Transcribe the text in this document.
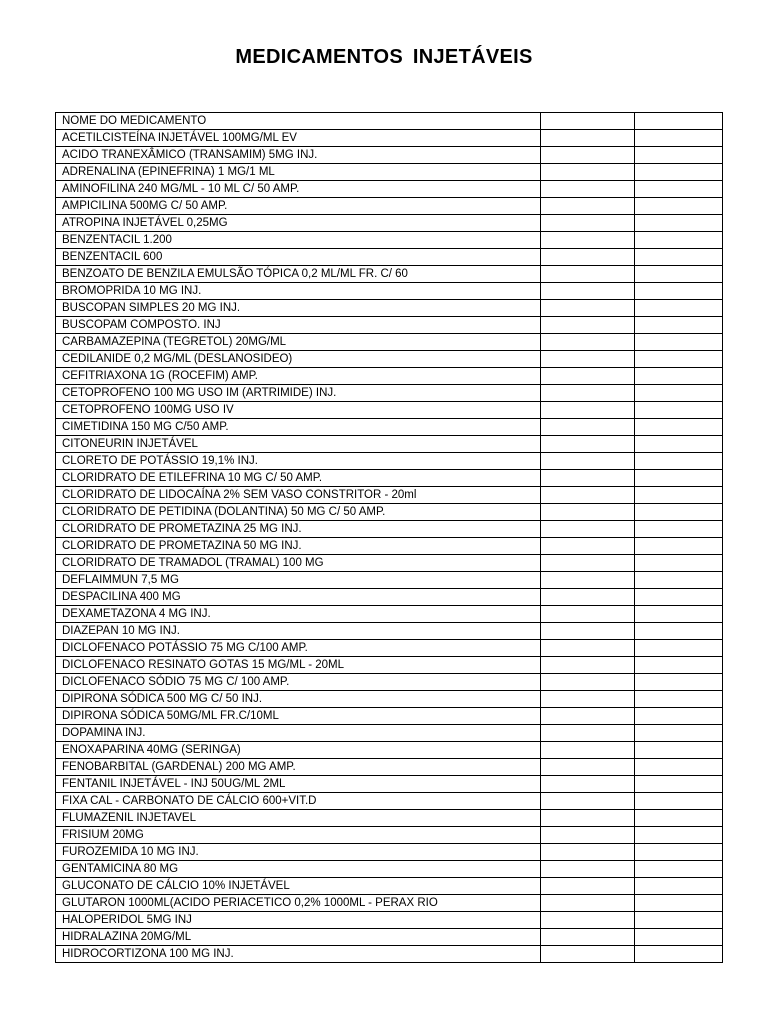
MEDICAMENTOS INJETÁVEIS
NOME DO MEDICAMENTO		
ACETILCISTEÍNA INJETÁVEL 100MG/ML EV		
ACIDO TRANEXÂMICO (TRANSAMIM) 5MG INJ.		
ADRENALINA (EPINEFRINA) 1 MG/1 ML		
AMINOFILINA 240 MG/ML - 10 ML C/ 50 AMP.		
AMPICILINA 500MG C/ 50 AMP.		
ATROPINA INJETÁVEL 0,25MG		
BENZENTACIL 1.200		
BENZENTACIL 600		
BENZOATO DE BENZILA EMULSÃO TÓPICA 0,2 ML/ML FR. C/ 60		
BROMOPRIDA 10 MG INJ.		
BUSCOPAN SIMPLES 20 MG INJ.		
BUSCOPAM COMPOSTO. INJ		
CARBAMAZEPINA (TEGRETOL) 20MG/ML		
CEDILANIDE 0,2 MG/ML (DESLANOSIDEO)		
CEFITRIAXONA 1G (ROCEFIM) AMP.		
CETOPROFENO 100 MG USO IM (ARTRIMIDE) INJ.		
CETOPROFENO 100MG USO IV		
CIMETIDINA 150 MG C/50 AMP.		
CITONEURIN INJETÁVEL		
CLORETO DE POTÁSSIO 19,1% INJ.		
CLORIDRATO DE ETILEFRINA 10 MG C/ 50 AMP.		
CLORIDRATO DE LIDOCAÍNA 2% SEM VASO CONSTRITOR - 20ml		
CLORIDRATO DE PETIDINA (DOLANTINA) 50 MG C/ 50 AMP.		
CLORIDRATO DE PROMETAZINA 25 MG INJ.		
CLORIDRATO DE PROMETAZINA 50 MG INJ.		
CLORIDRATO DE TRAMADOL (TRAMAL) 100 MG		
DEFLAIMMUN 7,5 MG		
DESPACILINA 400 MG		
DEXAMETAZONA 4 MG INJ.		
DIAZEPAN 10 MG INJ.		
DICLOFENACO POTÁSSIO 75 MG C/100 AMP.		
DICLOFENACO RESINATO GOTAS 15 MG/ML - 20ML		
DICLOFENACO SÓDIO 75 MG C/ 100 AMP.		
DIPIRONA SÓDICA 500 MG C/ 50 INJ.		
DIPIRONA SÓDICA 50MG/ML FR.C/10ML		
DOPAMINA INJ.		
ENOXAPARINA 40MG (SERINGA)		
FENOBARBITAL (GARDENAL) 200 MG AMP.		
FENTANIL INJETÁVEL - INJ 50UG/ML 2ML		
FIXA CAL - CARBONATO DE CÁLCIO 600+VIT.D		
FLUMAZENIL INJETAVEL		
FRISIUM 20MG		
FUROZEMIDA 10 MG INJ.		
GENTAMICINA 80 MG		
GLUCONATO DE CÁLCIO 10% INJETÁVEL		
GLUTARON 1000ML(ACIDO PERIACETICO 0,2% 1000ML - PERAX RIO		
HALOPERIDOL 5MG INJ		
HIDRALAZINA 20MG/ML		
HIDROCORTIZONA 100 MG INJ.		
